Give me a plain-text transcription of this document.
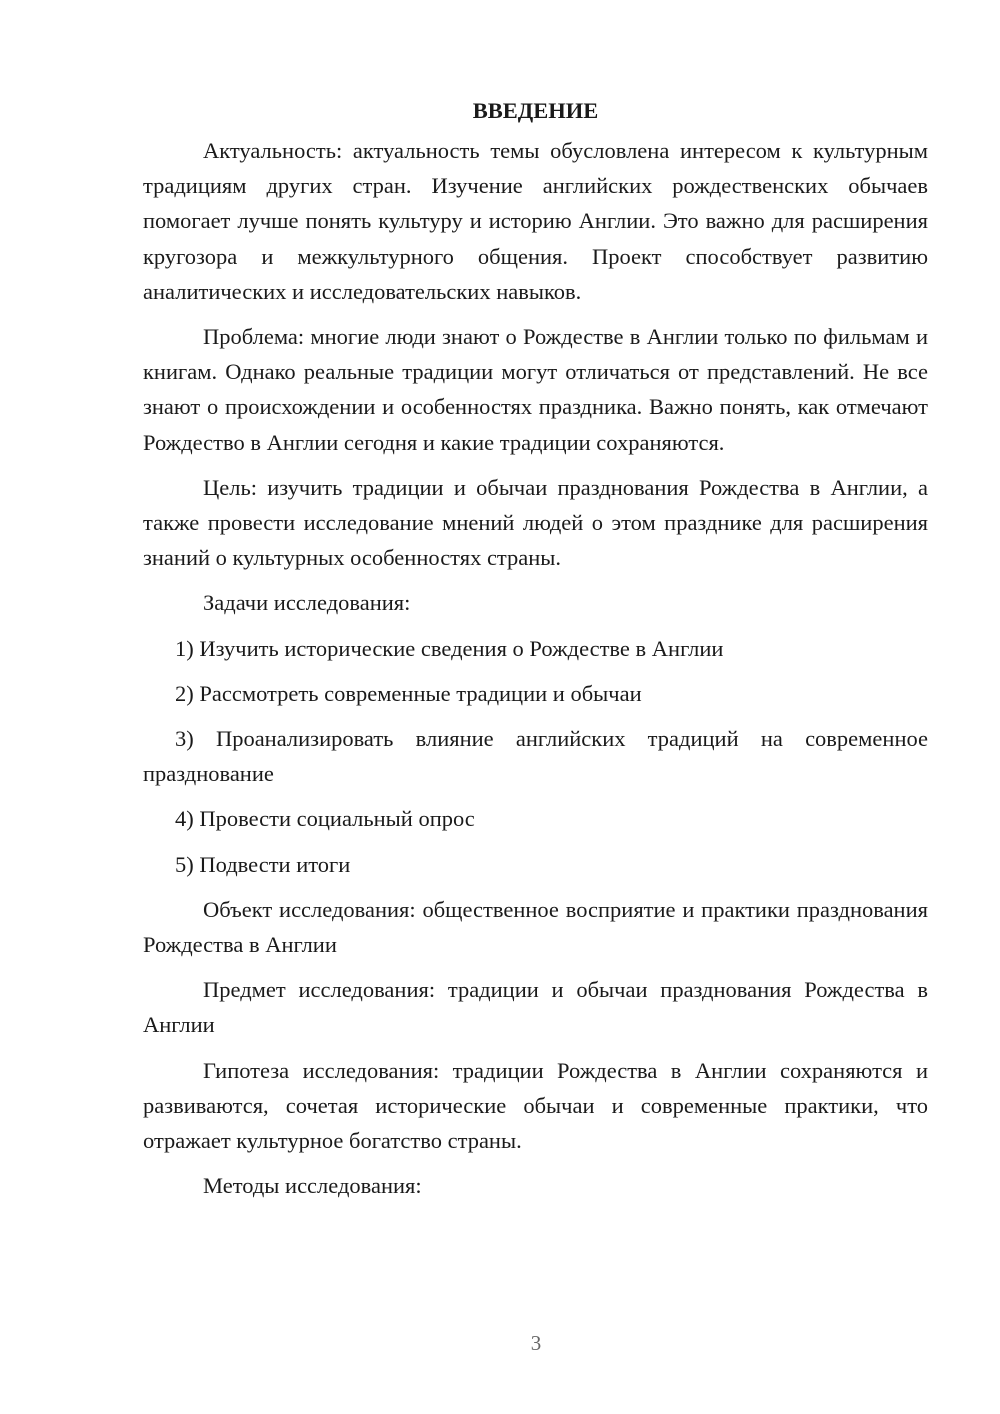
ВВЕДЕНИЕ

Актуальность: актуальность темы обусловлена интересом к культурным традициям других стран. Изучение английских рождественских обычаев помогает лучше понять культуру и историю Англии. Это важно для расширения кругозора и межкультурного общения. Проект способствует развитию аналитических и исследовательских навыков.

Проблема: многие люди знают о Рождестве в Англии только по фильмам и книгам. Однако реальные традиции могут отличаться от представлений. Не все знают о происхождении и особенностях праздника. Важно понять, как отмечают Рождество в Англии сегодня и какие традиции сохраняются.

Цель: изучить традиции и обычаи празднования Рождества в Англии, а также провести исследование мнений людей о этом празднике для расширения знаний о культурных особенностях страны.

Задачи исследования:

1) Изучить исторические сведения о Рождестве в Англии

2) Рассмотреть современные традиции и обычаи

3) Проанализировать влияние английских традиций на современное празднование

4) Провести социальный опрос

5) Подвести итоги

Объект исследования: общественное восприятие и практики празднования Рождества в Англии

Предмет исследования: традиции и обычаи празднования Рождества в Англии

Гипотеза исследования: традиции Рождества в Англии сохраняются и развиваются, сочетая исторические обычаи и современные практики, что отражает культурное богатство страны.

Методы исследования:

3
